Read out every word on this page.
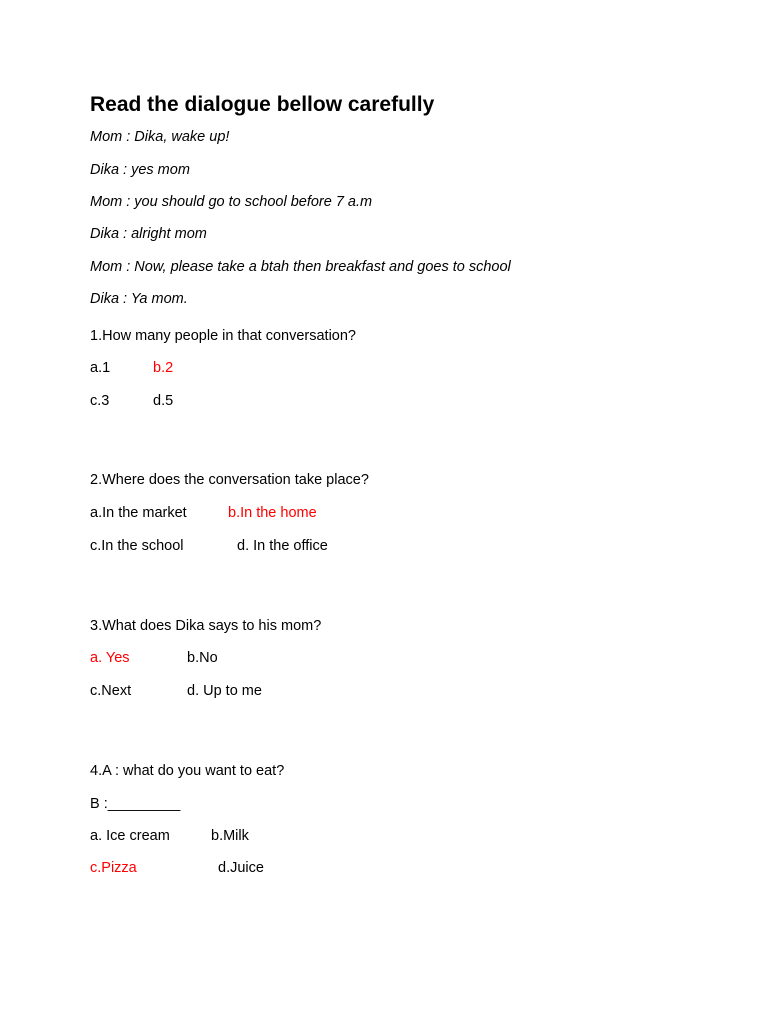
Read the dialogue bellow carefully
Mom : Dika, wake up!
Dika : yes mom
Mom : you should go to school before 7 a.m
Dika : alright mom
Mom : Now, please take a btah then breakfast and goes to school
Dika : Ya mom.
1.How many people in that conversation?
a.1	b.2
c.3	d.5
2.Where does the conversation take place?
a.In the market	b.In the home
c.In the school	d. In the office
3.What does Dika says to his mom?
a. Yes	b.No
c.Next	d. Up to me
4.A : what do you want to eat?
B :_________
a. Ice cream	b.Milk
c.Pizza	d.Juice
